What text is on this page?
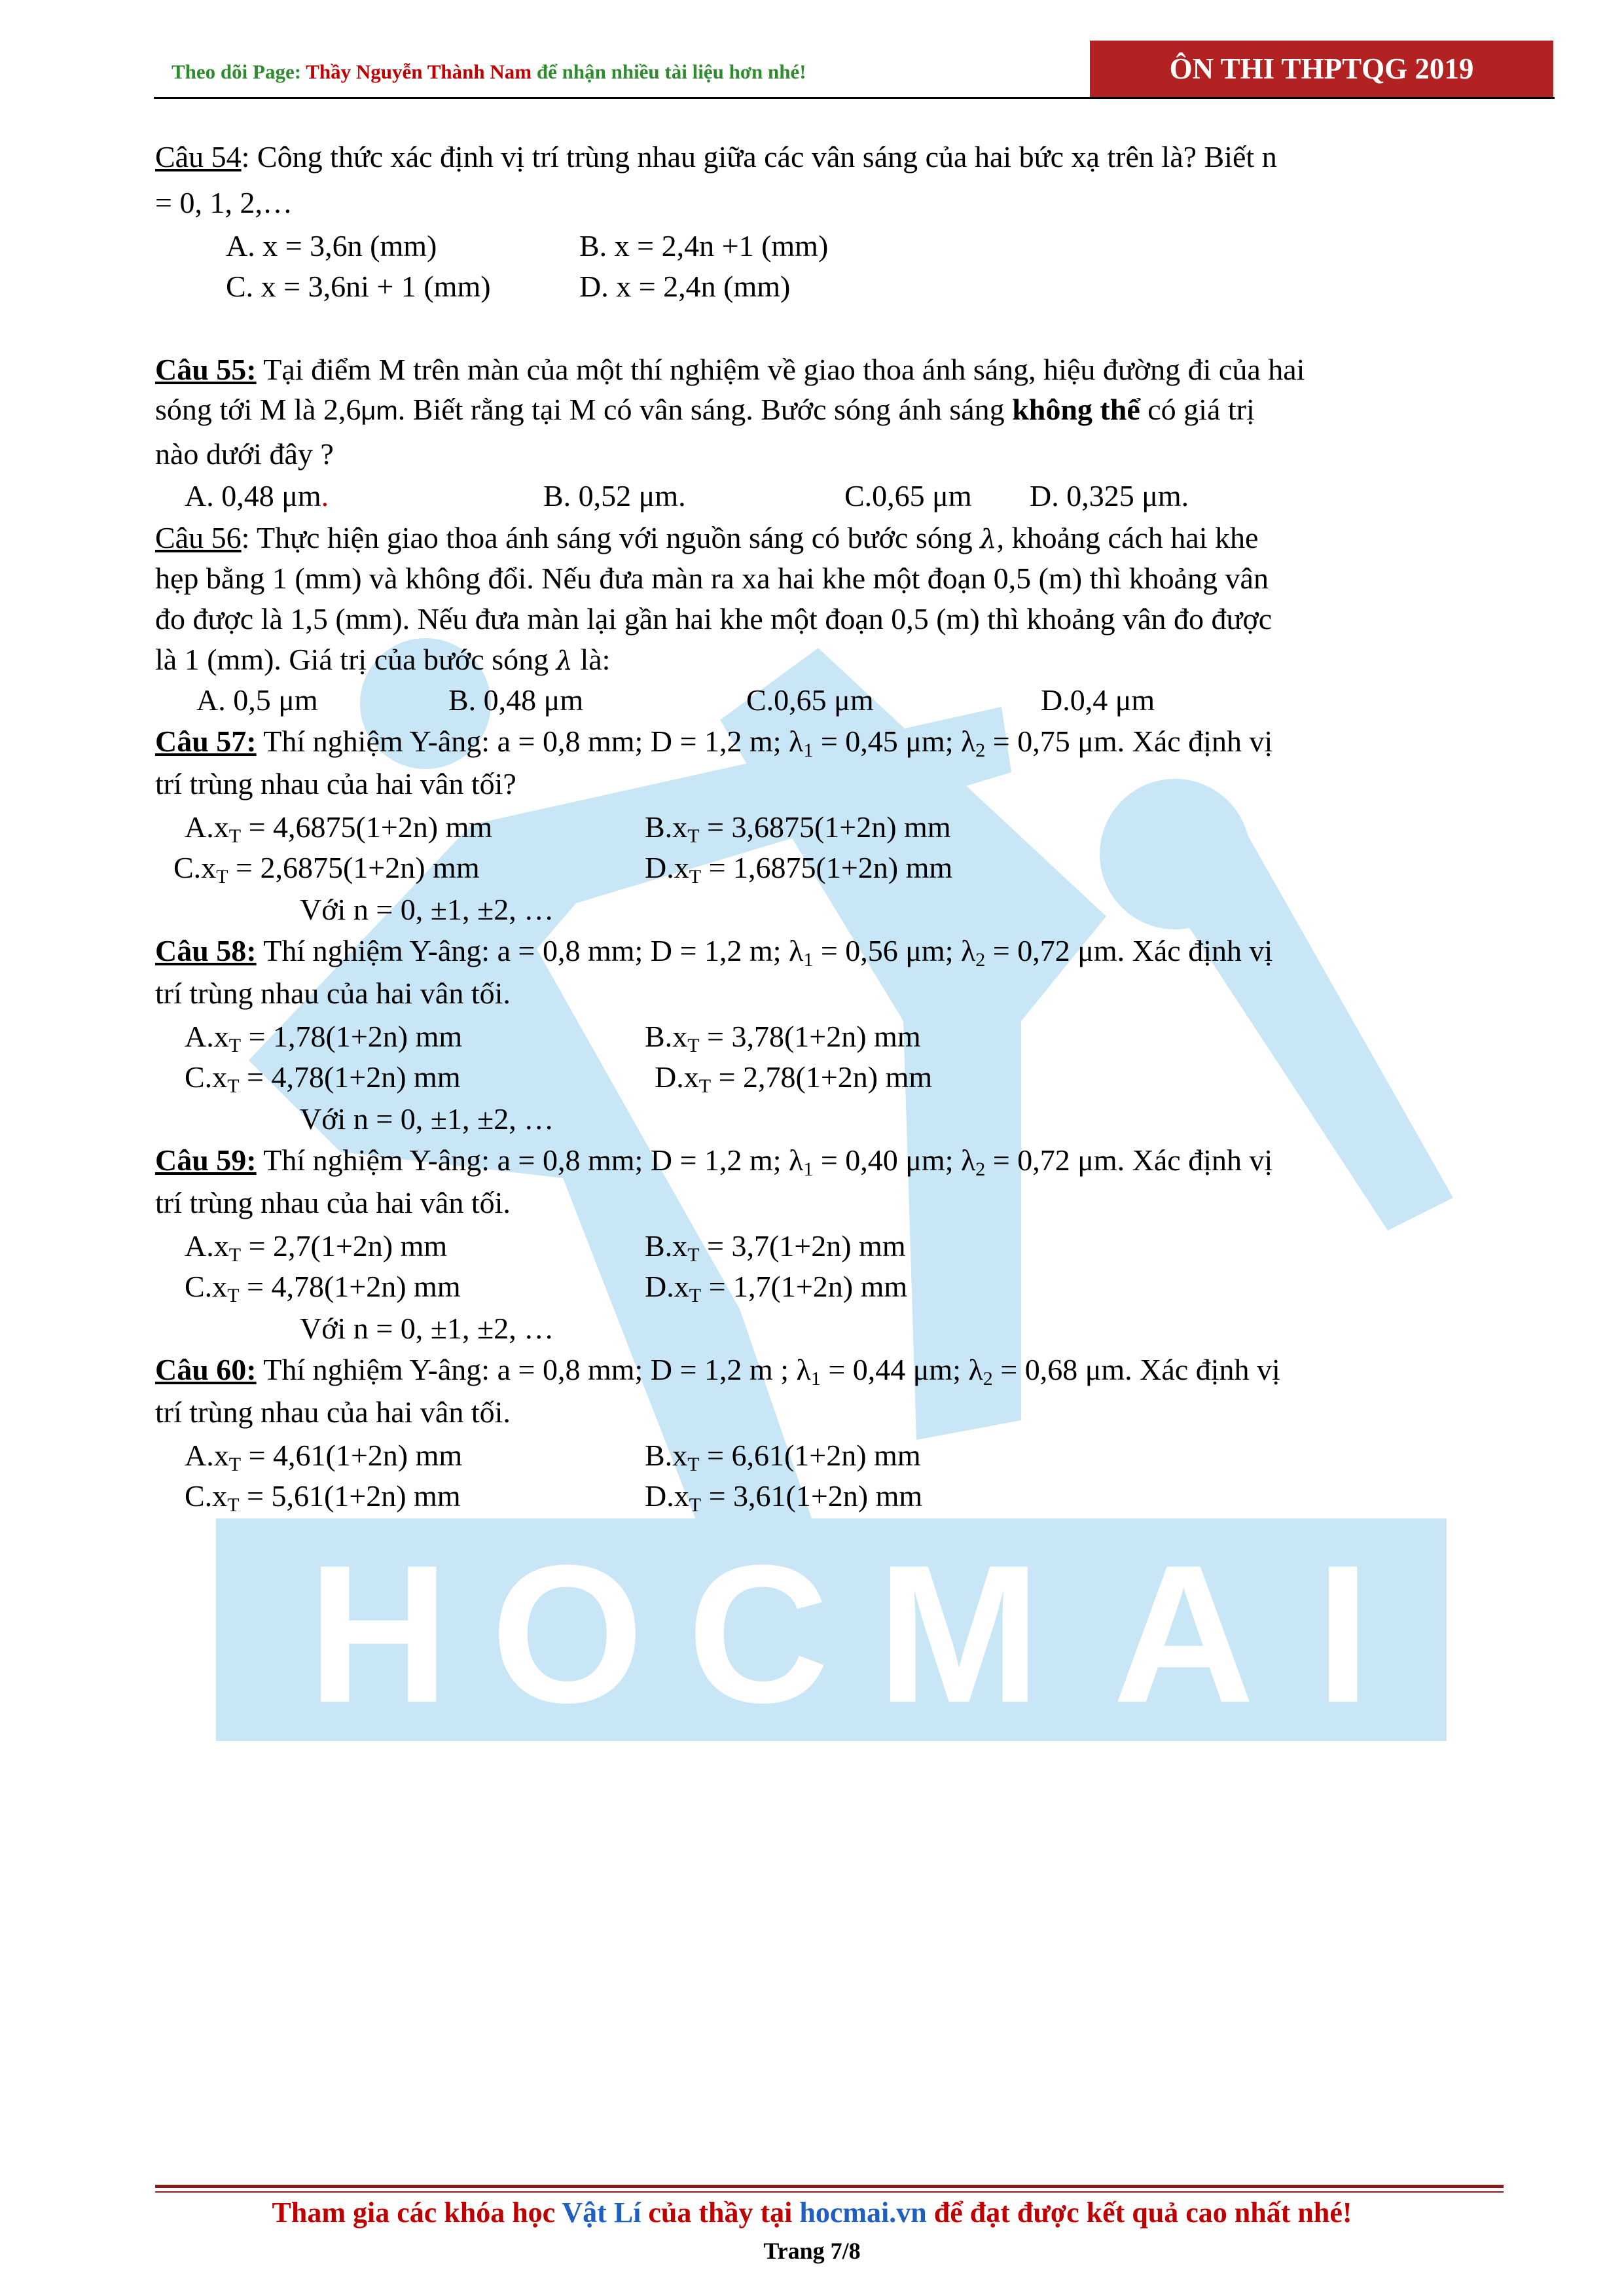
H O C M A I
Theo dõi Page: Thầy Nguyễn Thành Nam để nhận nhiều tài liệu hơn nhé!	ÔN THI THPTQG 2019
Câu 54: Công thức xác định vị trí trùng nhau giữa các vân sáng của hai bức xạ trên là? Biết n
= 0, 1, 2,…
A. x = 3,6n (mm)	B. x = 2,4n +1 (mm)
C. x = 3,6ni + 1 (mm)	D. x = 2,4n (mm)
Câu 55: Tại điểm M trên màn của một thí nghiệm về giao thoa ánh sáng, hiệu đường đi của hai
sóng tới M là 2,6μm. Biết rằng tại M có vân sáng. Bước sóng ánh sáng không thể có giá trị
nào dưới đây ?
A. 0,48 μm.	B. 0,52 μm.	C.0,65 μm D. 0,325 μm.
Câu 56: Thực hiện giao thoa ánh sáng với nguồn sáng có bước sóng λ, khoảng cách hai khe
hẹp bằng 1 (mm) và không đổi. Nếu đưa màn ra xa hai khe một đoạn 0,5 (m) thì khoảng vân
đo được là 1,5 (mm). Nếu đưa màn lại gần hai khe một đoạn 0,5 (m) thì khoảng vân đo được
là 1 (mm). Giá trị của bước sóng λ là:
A. 0,5 μm	B. 0,48 μm	C.0,65 μm	D.0,4 μm
Câu 57: Thí nghiệm Y-âng: a = 0,8 mm; D = 1,2 m; $\lambda_1 = 0,45$ μm; $\lambda_2 = 0,75$ μm. Xác định vị
trí trùng nhau của hai vân tối?
$A.x_T = 4,6875(1+2n)$ mm	$B.x_T = 3,6875(1+2n)$ mm
$C.x_T = 2,6875(1+2n)$ mm	$D.x_T = 1,6875(1+2n)$ mm
Với n = 0, ±1, ±2, …
Câu 58: Thí nghiệm Y-âng: a = 0,8 mm; D = 1,2 m; $\lambda_1 = 0,56$ μm; $\lambda_2 = 0,72$ μm. Xác định vị
trí trùng nhau của hai vân tối.
$A.x_T = 1,78(1+2n)$ mm	$B.x_T = 3,78(1+2n)$ mm
$C.x_T = 4,78(1+2n)$ mm	$D.x_T = 2,78(1+2n)$ mm
Với n = 0, ±1, ±2, …
Câu 59: Thí nghiệm Y-âng: a = 0,8 mm; D = 1,2 m; $\lambda_1 = 0,40$ μm; $\lambda_2 = 0,72$ μm. Xác định vị
trí trùng nhau của hai vân tối.
$A.x_T = 2,7(1+2n)$ mm	$B.x_T = 3,7(1+2n)$ mm
$C.x_T = 4,78(1+2n)$ mm	$D.x_T = 1,7(1+2n)$ mm
Với n = 0, ±1, ±2, …
Câu 60: Thí nghiệm Y-âng: a = 0,8 mm; D = 1,2 m ; $\lambda_1 = 0,44$ μm; $\lambda_2 = 0,68$ μm. Xác định vị
trí trùng nhau của hai vân tối.
$A.x_T = 4,61(1+2n)$ mm	$B.x_T = 6,61(1+2n)$ mm
$C.x_T = 5,61(1+2n)$ mm	$D.x_T = 3,61(1+2n)$ mm
Tham gia các khóa học Vật Lí của thầy tại hocmai.vn để đạt được kết quả cao nhất nhé!
Trang 7/8
